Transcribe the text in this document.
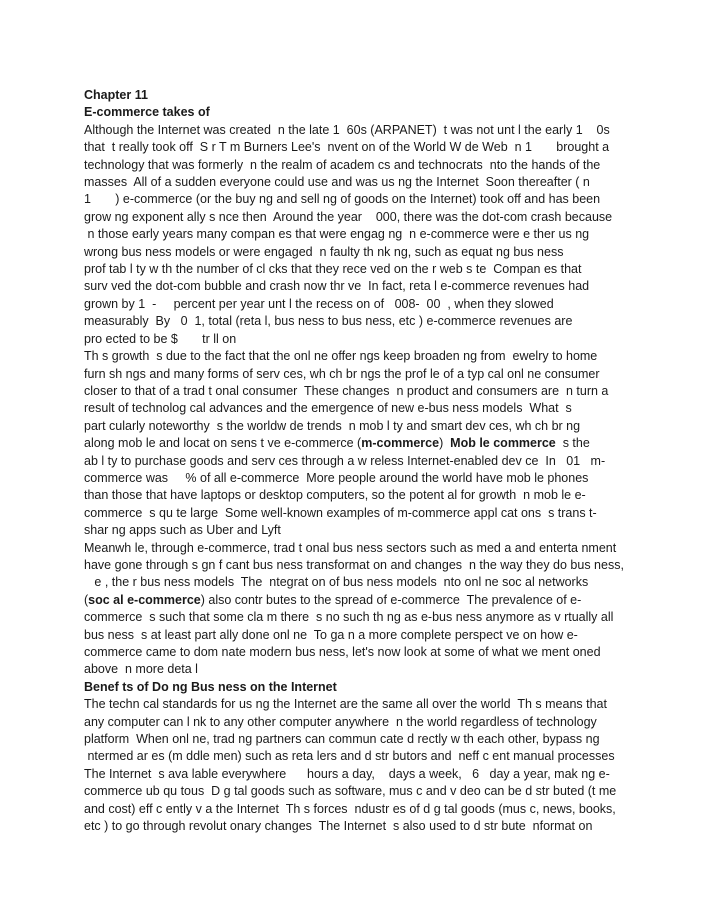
Chapter 11
E-commerce takes of
Although the Internet was created  n the late 1  60s (ARPANET)  t was not unt l the early 1    0s
that  t really took off  S r T m Burners Lee's  nvent on of the World W de Web  n 1       brought a
technology that was formerly  n the realm of academ cs and technocrats  nto the hands of the
masses  All of a sudden everyone could use and was us ng the Internet  Soon thereafter ( n
1       ) e-commerce (or the buy ng and sell ng of goods on the Internet) took off and has been
grow ng exponent ally s nce then  Around the year    000, there was the dot-com crash because
n those early years many compan es that were engag ng  n e-commerce were e ther us ng
wrong bus ness models or were engaged  n faulty th nk ng, such as equat ng bus ness
prof tab l ty w th the number of cl cks that they rece ved on the r web s te  Compan es that
surv ved the dot-com bubble and crash now thr ve  In fact, reta l e-commerce revenues had
grown by 1  -     percent per year unt l the recess on of   008-  00  , when they slowed
measurably  By   0  1, total (reta l, bus ness to bus ness, etc ) e-commerce revenues are
pro ected to be $       tr ll on
Th s growth  s due to the fact that the onl ne offer ngs keep broaden ng from  ewelry to home
furn sh ngs and many forms of serv ces, wh ch br ngs the prof le of a typ cal onl ne consumer
closer to that of a trad t onal consumer  These changes  n product and consumers are  n turn a
result of technolog cal advances and the emergence of new e-bus ness models  What  s
part cularly noteworthy  s the worldw de trends  n mob l ty and smart dev ces, wh ch br ng
along mob le and locat on sens t ve e-commerce (m-commerce)  Mob le commerce  s the
ab l ty to purchase goods and serv ces through a w reless Internet-enabled dev ce  In   01   m-
commerce was     % of all e-commerce  More people around the world have mob le phones
than those that have laptops or desktop computers, so the potent al for growth  n mob le e-
commerce  s qu te large  Some well-known examples of m-commerce appl cat ons  s trans t-
shar ng apps such as Uber and Lyft
Meanwh le, through e-commerce, trad t onal bus ness sectors such as med a and enterta nment
have gone through s gn f cant bus ness transformat on and changes  n the way they do bus ness,
e , the r bus ness models  The  ntegrat on of bus ness models  nto onl ne soc al networks
(soc al e-commerce) also contr butes to the spread of e-commerce  The prevalence of e-
commerce  s such that some cla m there  s no such th ng as e-bus ness anymore as v rtually all
bus ness  s at least part ally done onl ne  To ga n a more complete perspect ve on how e-
commerce came to dom nate modern bus ness, let's now look at some of what we ment oned
above  n more deta l
Benef ts of Do ng Bus ness on the Internet
The techn cal standards for us ng the Internet are the same all over the world  Th s means that
any computer can l nk to any other computer anywhere  n the world regardless of technology
platform  When onl ne, trad ng partners can commun cate d rectly w th each other, bypass ng
ntermed ar es (m ddle men) such as reta lers and d str butors and  neff c ent manual processes
The Internet  s ava lable everywhere      hours a day,    days a week,   6   day a year, mak ng e-
commerce ub qu tous  D g tal goods such as software, mus c and v deo can be d str buted (t me
and cost) eff c ently v a the Internet  Th s forces  ndustr es of d g tal goods (mus c, news, books,
etc ) to go through revolut onary changes  The Internet  s also used to d str bute  nformat on
